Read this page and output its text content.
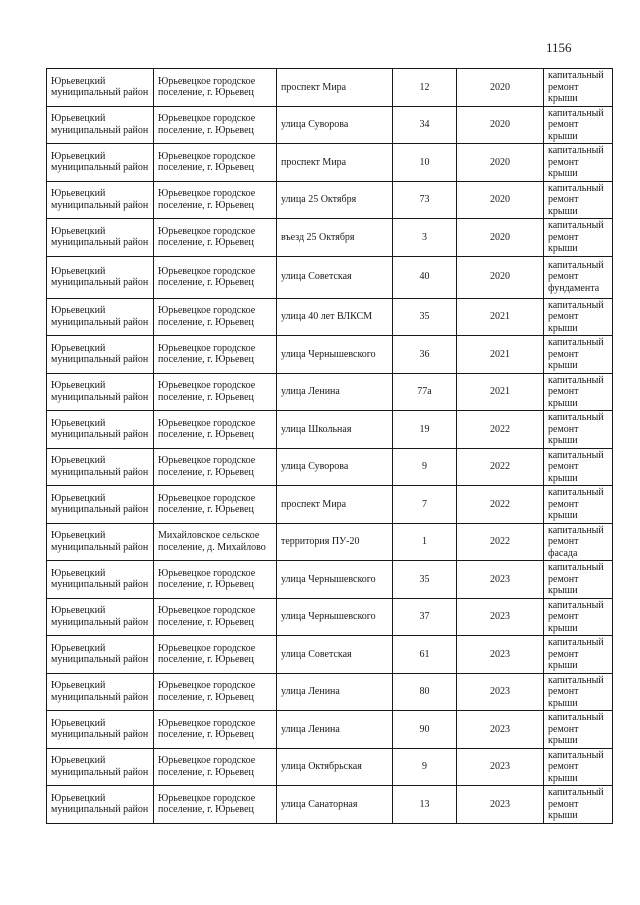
1156
Юрьевецкий муниципальный район	Юрьевецкое городское поселение, г. Юрьевец	проспект Мира	12	2020	капитальный ремонт крыши
Юрьевецкий муниципальный район	Юрьевецкое городское поселение, г. Юрьевец	улица Суворова	34	2020	капитальный ремонт крыши
Юрьевецкий муниципальный район	Юрьевецкое городское поселение, г. Юрьевец	проспект Мира	10	2020	капитальный ремонт крыши
Юрьевецкий муниципальный район	Юрьевецкое городское поселение, г. Юрьевец	улица 25 Октября	73	2020	капитальный ремонт крыши
Юрьевецкий муниципальный район	Юрьевецкое городское поселение, г. Юрьевец	въезд 25 Октября	3	2020	капитальный ремонт крыши
Юрьевецкий муниципальный район	Юрьевецкое городское поселение, г. Юрьевец	улица Советская	40	2020	капитальный ремонт фундамента
Юрьевецкий муниципальный район	Юрьевецкое городское поселение, г. Юрьевец	улица 40 лет ВЛКСМ	35	2021	капитальный ремонт крыши
Юрьевецкий муниципальный район	Юрьевецкое городское поселение, г. Юрьевец	улица Чернышевского	36	2021	капитальный ремонт крыши
Юрьевецкий муниципальный район	Юрьевецкое городское поселение, г. Юрьевец	улица Ленина	77а	2021	капитальный ремонт крыши
Юрьевецкий муниципальный район	Юрьевецкое городское поселение, г. Юрьевец	улица Школьная	19	2022	капитальный ремонт крыши
Юрьевецкий муниципальный район	Юрьевецкое городское поселение, г. Юрьевец	улица Суворова	9	2022	капитальный ремонт крыши
Юрьевецкий муниципальный район	Юрьевецкое городское поселение, г. Юрьевец	проспект Мира	7	2022	капитальный ремонт крыши
Юрьевецкий муниципальный район	Михайловское сельское поселение, д. Михайлово	территория ПУ-20	1	2022	капитальный ремонт фасада
Юрьевецкий муниципальный район	Юрьевецкое городское поселение, г. Юрьевец	улица Чернышевского	35	2023	капитальный ремонт крыши
Юрьевецкий муниципальный район	Юрьевецкое городское поселение, г. Юрьевец	улица Чернышевского	37	2023	капитальный ремонт крыши
Юрьевецкий муниципальный район	Юрьевецкое городское поселение, г. Юрьевец	улица Советская	61	2023	капитальный ремонт крыши
Юрьевецкий муниципальный район	Юрьевецкое городское поселение, г. Юрьевец	улица Ленина	80	2023	капитальный ремонт крыши
Юрьевецкий муниципальный район	Юрьевецкое городское поселение, г. Юрьевец	улица Ленина	90	2023	капитальный ремонт крыши
Юрьевецкий муниципальный район	Юрьевецкое городское поселение, г. Юрьевец	улица Октябрьская	9	2023	капитальный ремонт крыши
Юрьевецкий муниципальный район	Юрьевецкое городское поселение, г. Юрьевец	улица Санаторная	13	2023	капитальный ремонт крыши
